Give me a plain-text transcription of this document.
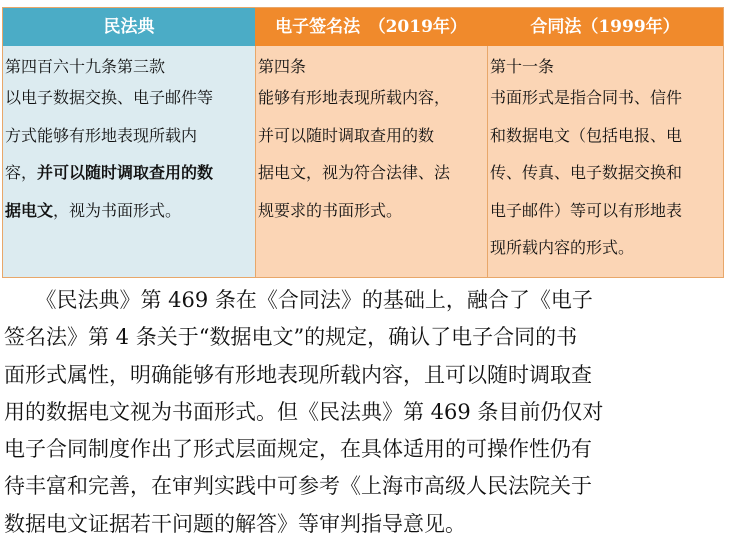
民法典	电子签名法　（2019年）	合同法（1999年）
第四百六十九条第三款
以电子数据交换、电子邮件等
方式能够有形地表现所载内
容，并可以随时调取查用的数
据电文，视为书面形式。
第四条
能够有形地表现所载内容，
并可以随时调取查用的数
据电文，视为符合法律、法
规要求的书面形式。
第十一条
书面形式是指合同书、信件
和数据电文（包括电报、电
传、传真、电子数据交换和
电子邮件）等可以有形地表
现所载内容的形式。
　　《民法典》第 469 条在《合同法》的基础上，融合了《电子
签名法》第 4 条关于“数据电文”的规定，确认了电子合同的书
面形式属性，明确能够有形地表现所载内容，且可以随时调取查
用的数据电文视为书面形式。但《民法典》第 469 条目前仍仅对
电子合同制度作出了形式层面规定，在具体适用的可操作性仍有
待丰富和完善，在审判实践中可参考《上海市高级人民法院关于
数据电文证据若干问题的解答》等审判指导意见。
